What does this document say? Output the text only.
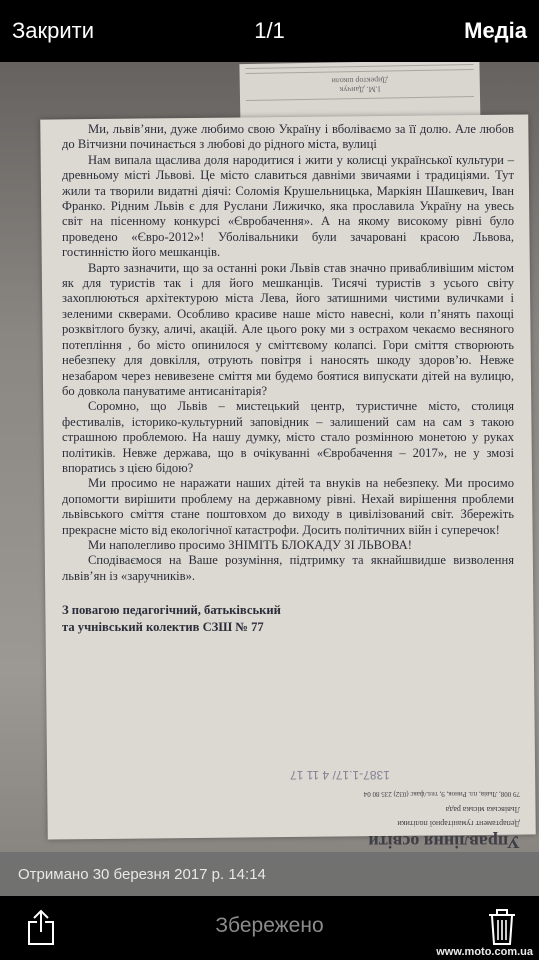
Директор школи
І.М. Данчук

Ми, львів’яни, дуже любимо свою Україну і вболіваємо за її долю. Але любов до Вітчизни починається з любові до рідного міста, вулиці

Нам випала щаслива доля народитися і жити у колисці української культури – древньому місті Львові. Це місто славиться давніми звичаями і традиціями. Тут жили та творили видатні діячі: Соломія Крушельницька, Маркіян Шашкевич, Іван Франко. Рідним Львів є для Руслани Лижичко, яка прославила Україну на увесь світ на пісенному конкурсі «Євробачення». А на якому високому рівні було проведено «Євро-2012»! Уболівальники були зачаровані красою Львова, гостинністю його мешканців.

Варто зазначити, що за останні роки Львів став значно привабливішим містом як для туристів так і для його мешканців. Тисячі туристів з усього світу захоплюються архітектурою міста Лева, його затишними чистими вуличками і зеленими скверами. Особливо красиве наше місто навесні, коли п’янять пахощі розквітлого бузку, аличі, акацій. Але цього року ми з острахом чекаємо весняного потепління , бо місто опинилося у сміттєвому колапсі. Гори сміття створюють небезпеку для довкілля, отрують повітря і наносять шкоду здоров’ю. Невже незабаром через невивезене сміття ми будемо боятися випускати дітей на вулицю, бо довкола пануватиме антисанітарія?

Соромно, що Львів – мистецький центр, туристичне місто, столиця фестивалів, історико-культурний заповідник – залишений сам на сам з такою страшною проблемою. На нашу думку, місто стало розмінною монетою у руках політиків. Невже держава, що в очікуванні «Євробачення – 2017», не у змозі впоратись з цією бідою?

Ми просимо не наражати наших дітей та внуків на небезпеку. Ми просимо допомогти вирішити проблему на державному рівні. Нехай вирішення проблеми львівського сміття стане поштовхом до виходу в цивілізований світ. Збережіть прекрасне місто від екологічної катастрофи. Досить політичних війн і суперечок!

Ми наполегливо просимо ЗНІМІТЬ БЛОКАДУ ЗІ ЛЬВОВА!

Сподіваємося на Ваше розуміння, підтримку та якнайшвидше визволення львів’ян із «заручників».

З повагою педагогічний, батьківський
та учнівський колектив СЗШ № 77
1387-1.17/ 4 11 17
Управління освіти
Департамент гуманітарної політики
Львівська міська рада
79 008, Львів, пл. Ринок, 9, тел./факс (032) 235 80 04
Закрити	1/1	Медіа
Отримано 30 березня 2017 р. 14:14
Збережено
www.moto.com.ua
